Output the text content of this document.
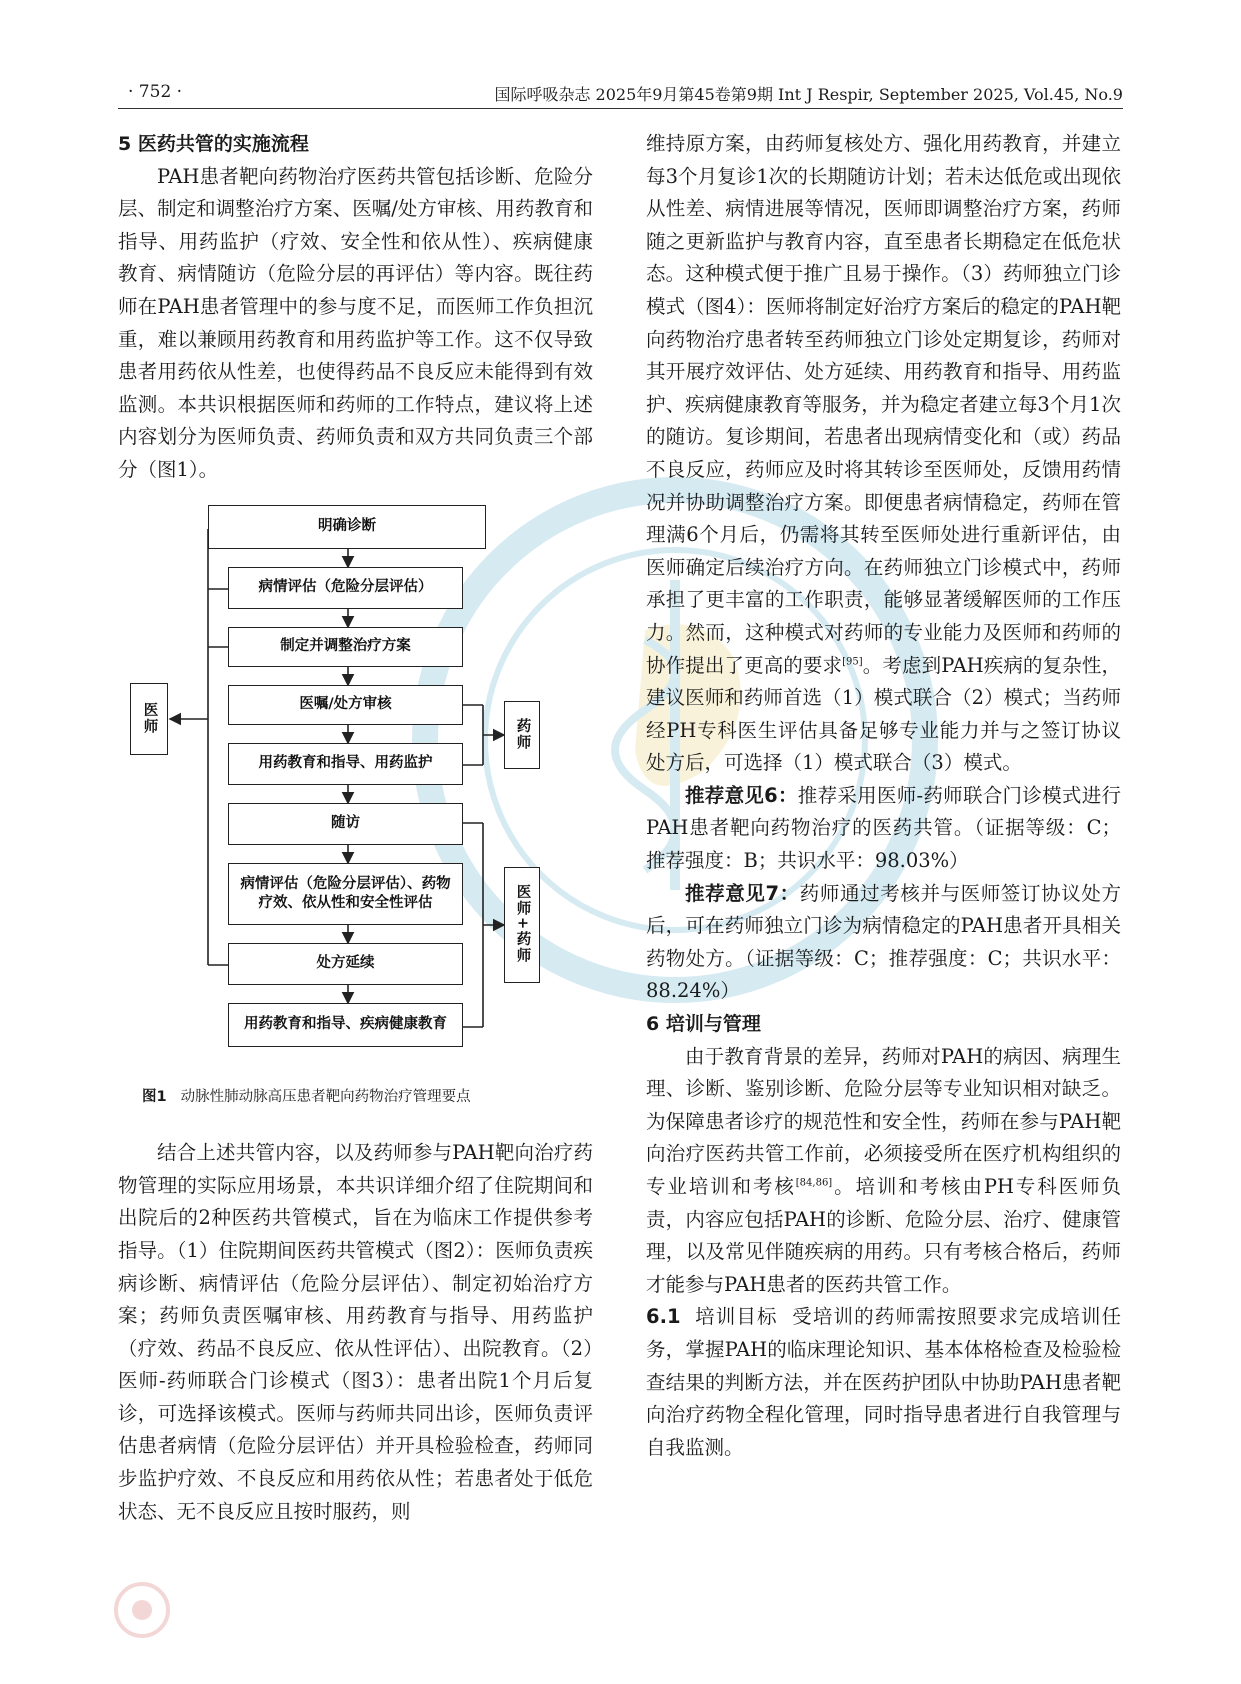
· 752 ·	国际呼吸杂志 2025年9月第45卷第9期 Int J Respir, September 2025, Vol.45, No.9

5 医药共管的实施流程

PAH患者靶向药物治疗医药共管包括诊断、危险分层、制定和调整治疗方案、医嘱/处方审核、用药教育和指导、用药监护（疗效、安全性和依从性）、疾病健康教育、病情随访（危险分层的再评估）等内容。既往药师在PAH患者管理中的参与度不足，而医师工作负担沉重，难以兼顾用药教育和用药监护等工作。这不仅导致患者用药依从性差，也使得药品不良反应未能得到有效监测。本共识根据医师和药师的工作特点，建议将上述内容划分为医师负责、药师负责和双方共同负责三个部分（图1）。

明确诊断
病情评估（危险分层评估）
制定并调整治疗方案
医嘱/处方审核
用药教育和指导、用药监护
随访
病情评估（危险分层评估）、药物疗效、依从性和安全性评估
处方延续
用药教育和指导、疾病健康教育
医师	药师
医师+药师
图1 动脉性肺动脉高压患者靶向药物治疗管理要点

结合上述共管内容，以及药师参与PAH靶向治疗药物管理的实际应用场景，本共识详细介绍了住院期间和出院后的2种医药共管模式，旨在为临床工作提供参考指导。（1）住院期间医药共管模式（图2）：医师负责疾病诊断、病情评估（危险分层评估）、制定初始治疗方案；药师负责医嘱审核、用药教育与指导、用药监护（疗效、药品不良反应、依从性评估）、出院教育。（2）医师-药师联合门诊模式（图3）：患者出院1个月后复诊，可选择该模式。医师与药师共同出诊，医师负责评估患者病情（危险分层评估）并开具检验检查，药师同步监护疗效、不良反应和用药依从性；若患者处于低危状态、无不良反应且按时服药，则

维持原方案，由药师复核处方、强化用药教育，并建立每3个月复诊1次的长期随访计划；若未达低危或出现依从性差、病情进展等情况，医师即调整治疗方案，药师随之更新监护与教育内容，直至患者长期稳定在低危状态。这种模式便于推广且易于操作。（3）药师独立门诊模式（图4）：医师将制定好治疗方案后的稳定的PAH靶向药物治疗患者转至药师独立门诊处定期复诊，药师对其开展疗效评估、处方延续、用药教育和指导、用药监护、疾病健康教育等服务，并为稳定者建立每3个月1次的随访。复诊期间，若患者出现病情变化和（或）药品不良反应，药师应及时将其转诊至医师处，反馈用药情况并协助调整治疗方案。即便患者病情稳定，药师在管理满6个月后，仍需将其转至医师处进行重新评估，由医师确定后续治疗方向。在药师独立门诊模式中，药师承担了更丰富的工作职责，能够显著缓解医师的工作压力。然而，这种模式对药师的专业能力及医师和药师的协作提出了更高的要求[95]。考虑到PAH疾病的复杂性，建议医师和药师首选（1）模式联合（2）模式；当药师经PH专科医生评估具备足够专业能力并与之签订协议处方后，可选择（1）模式联合（3）模式。

推荐意见6：推荐采用医师-药师联合门诊模式进行PAH患者靶向药物治疗的医药共管。（证据等级：C；推荐强度：B；共识水平：98.03%）

推荐意见7：药师通过考核并与医师签订协议处方后，可在药师独立门诊为病情稳定的PAH患者开具相关药物处方。（证据等级：C；推荐强度：C；共识水平：88.24%）

6 培训与管理

由于教育背景的差异，药师对PAH的病因、病理生理、诊断、鉴别诊断、危险分层等专业知识相对缺乏。为保障患者诊疗的规范性和安全性，药师在参与PAH靶向治疗医药共管工作前，必须接受所在医疗机构组织的专业培训和考核[84,86]。培训和考核由PH专科医师负责，内容应包括PAH的诊断、危险分层、治疗、健康管理，以及常见伴随疾病的用药。只有考核合格后，药师才能参与PAH患者的医药共管工作。

6.1 培训目标 受培训的药师需按照要求完成培训任务，掌握PAH的临床理论知识、基本体格检查及检验检查结果的判断方法，并在医药护团队中协助PAH患者靶向治疗药物全程化管理，同时指导患者进行自我管理与自我监测。
